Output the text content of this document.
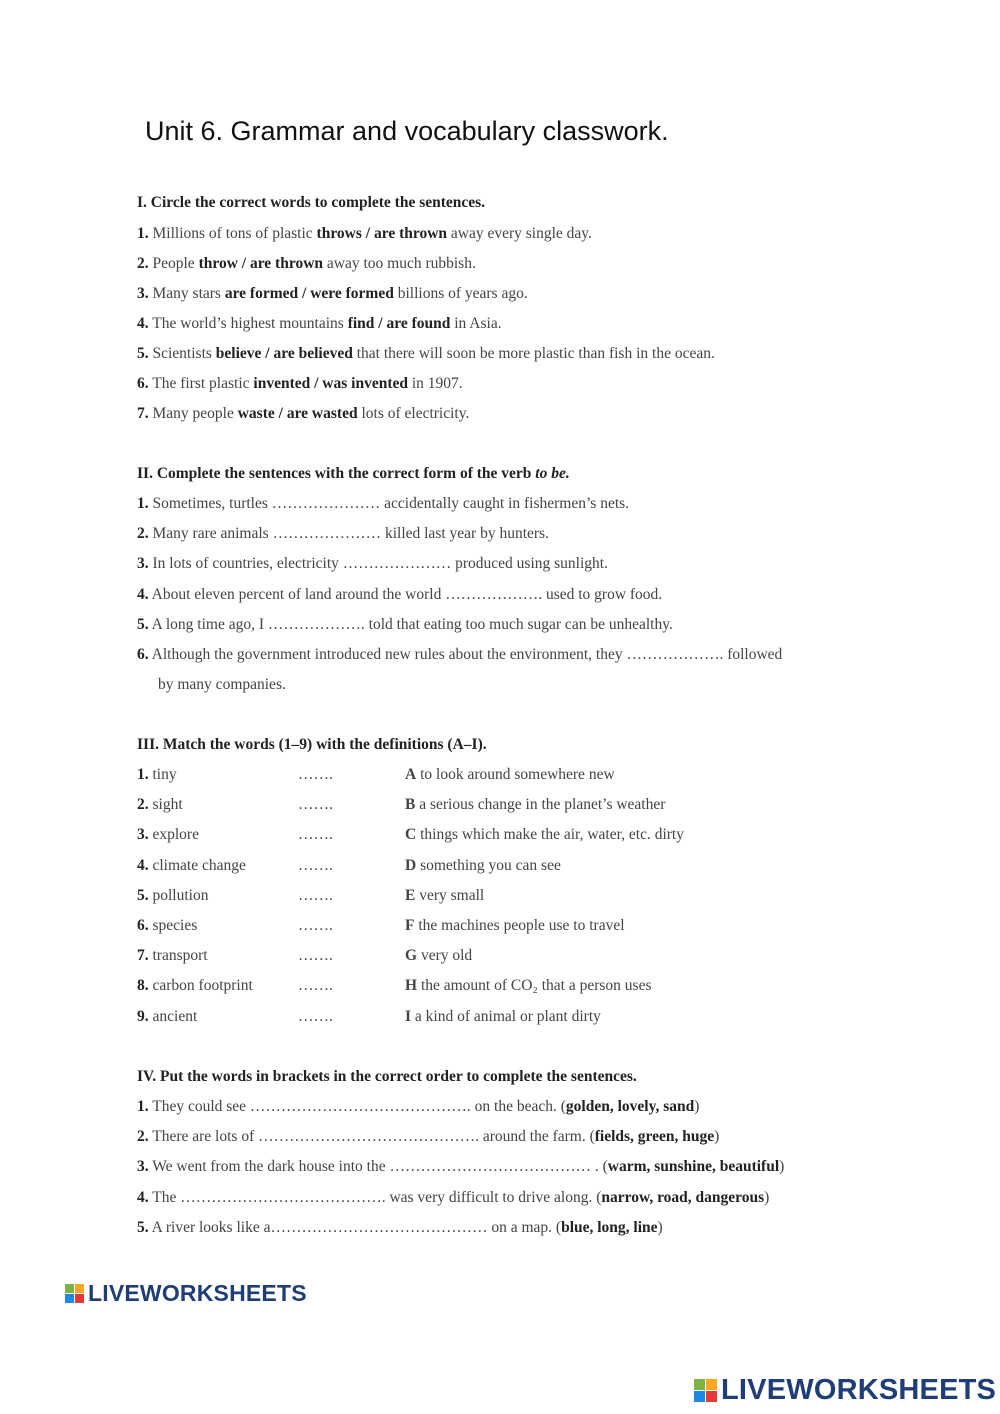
Unit 6. Grammar and vocabulary classwork.
I. Circle the correct words to complete the sentences.
1. Millions of tons of plastic throws / are thrown away every single day.
2. People throw / are thrown away too much rubbish.
3. Many stars are formed / were formed billions of years ago.
4. The world’s highest mountains find / are found in Asia.
5. Scientists believe / are believed that there will soon be more plastic than fish in the ocean.
6. The first plastic invented / was invented in 1907.
7. Many people waste / are wasted lots of electricity.
II. Complete the sentences with the correct form of the verb to be.
1. Sometimes, turtles ………………… accidentally caught in fishermen’s nets.
2. Many rare animals ………………… killed last year by hunters.
3. In lots of countries, electricity ………………… produced using sunlight.
4. About eleven percent of land around the world ………………. used to grow food.
5. A long time ago, I ………………. told that eating too much sugar can be unhealthy.
6. Although the government introduced new rules about the environment, they ………………. followed
by many companies.
III. Match the words (1–9) with the definitions (A–I).
1. tiny	…….	A to look around somewhere new
2. sight	…….	B a serious change in the planet’s weather
3. explore	…….	C things which make the air, water, etc. dirty
4. climate change	…….	D something you can see
5. pollution	…….	E very small
6. species	…….	F the machines people use to travel
7. transport	…….	G very old
8. carbon footprint	…….	H the amount of CO₂ that a person uses
9. ancient	…….	I a kind of animal or plant dirty
IV. Put the words in brackets in the correct order to complete the sentences.
1. They could see ……………………………………. on the beach. (golden, lovely, sand)
2. There are lots of ……………………………………. around the farm. (fields, green, huge)
3. We went from the dark house into the ………………………………… . (warm, sunshine, beautiful)
4. The …………………………………. was very difficult to drive along. (narrow, road, dangerous)
5. A river looks like a…………………………………… on a map. (blue, long, line)
LIVEWORKSHEETS
LIVEWORKSHEETS
